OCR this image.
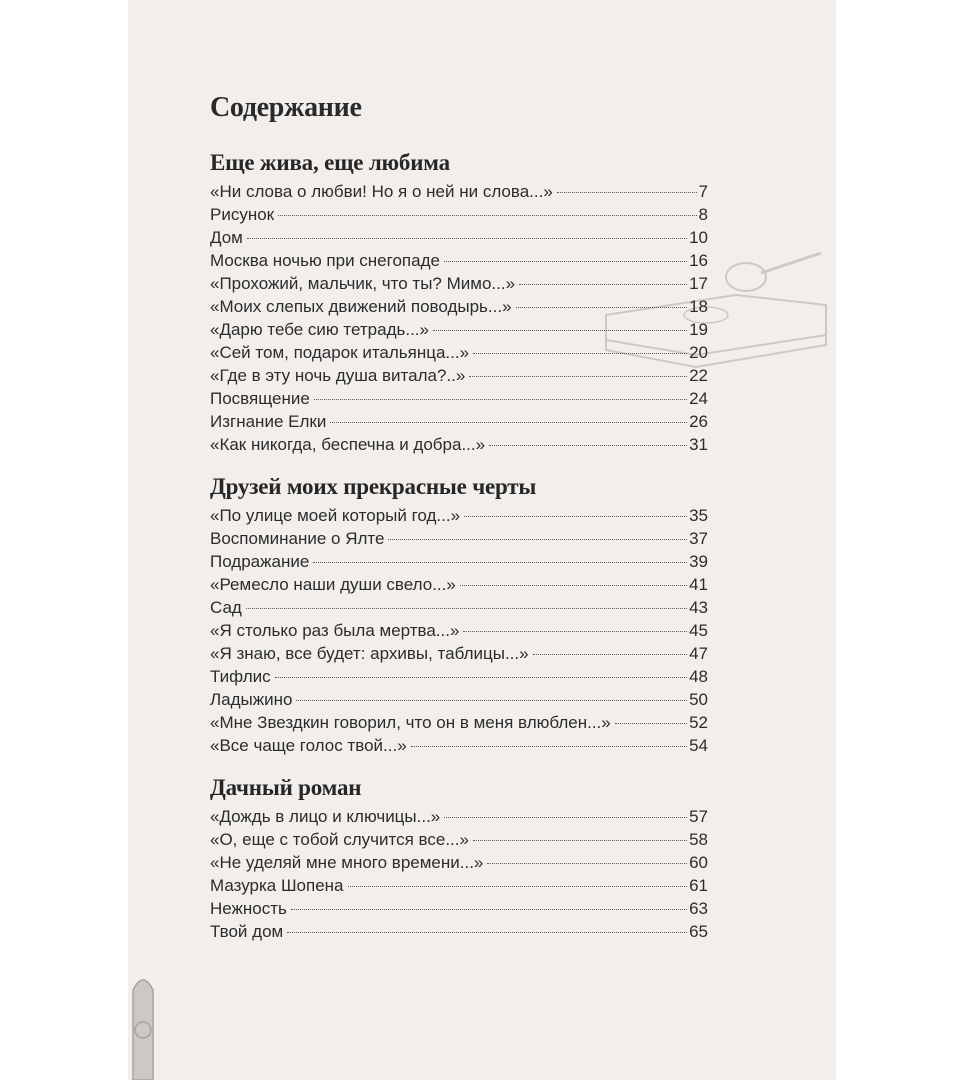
Содержание
Еще жива, еще любима
«Ни слова о любви! Но я о ней ни слова...»	7
Рисунок	8
Дом	10
Москва ночью при снегопаде	16
«Прохожий, мальчик, что ты? Мимо...»	17
«Моих слепых движений поводырь...»	18
«Дарю тебе сию тетрадь...»	19
«Сей том, подарок итальянца...»	20
«Где в эту ночь душа витала?..»	22
Посвящение	24
Изгнание Елки	26
«Как никогда, беспечна и добра...»	31
Друзей моих прекрасные черты
«По улице моей который год...»	35
Воспоминание о Ялте	37
Подражание	39
«Ремесло наши души свело...»	41
Сад	43
«Я столько раз была мертва...»	45
«Я знаю, все будет: архивы, таблицы...»	47
Тифлис	48
Ладыжино	50
«Мне Звездкин говорил, что он в меня влюблен...»	52
«Все чаще голос твой...»	54
Дачный роман
«Дождь в лицо и ключицы...»	57
«О, еще с тобой случится все...»	58
«Не уделяй мне много времени...»	60
Мазурка Шопена	61
Нежность	63
Твой дом	65
